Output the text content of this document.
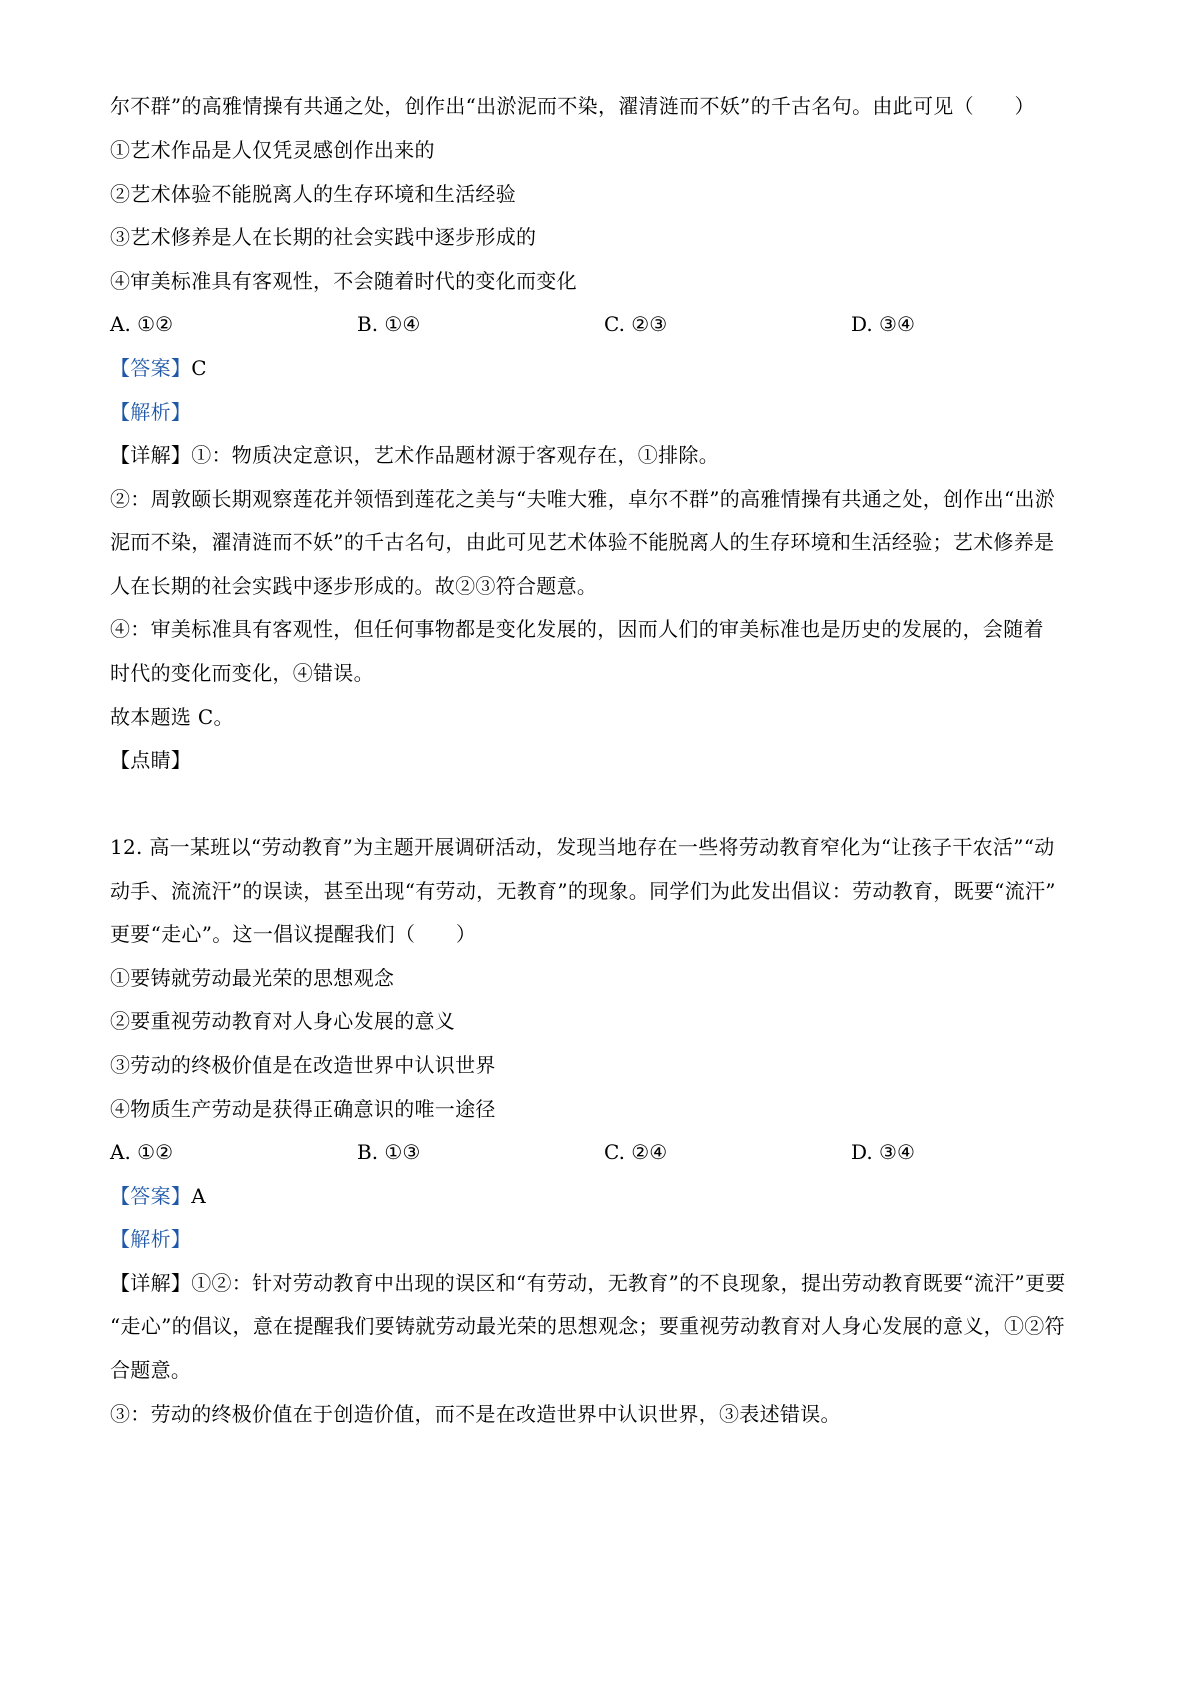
尔不群”的高雅情操有共通之处，创作出“出淤泥而不染，濯清涟而不妖”的千古名句。由此可见（　　）
①艺术作品是人仅凭灵感创作出来的
②艺术体验不能脱离人的生存环境和生活经验
③艺术修养是人在长期的社会实践中逐步形成的
④审美标准具有客观性，不会随着时代的变化而变化
A. ①②	B. ①④	C. ②③	D. ③④
【答案】C
【解析】
【详解】①：物质决定意识，艺术作品题材源于客观存在，①排除。
②：周敦颐长期观察莲花并领悟到莲花之美与“夫唯大雅，卓尔不群”的高雅情操有共通之处，创作出“出淤
泥而不染，濯清涟而不妖”的千古名句，由此可见艺术体验不能脱离人的生存环境和生活经验；艺术修养是
人在长期的社会实践中逐步形成的。故②③符合题意。
④：审美标准具有客观性，但任何事物都是变化发展的，因而人们的审美标准也是历史的发展的，会随着
时代的变化而变化，④错误。
故本题选 C。
【点睛】
12. 高一某班以“劳动教育”为主题开展调研活动，发现当地存在一些将劳动教育窄化为“让孩子干农活”“动
动手、流流汗”的误读，甚至出现“有劳动，无教育”的现象。同学们为此发出倡议：劳动教育，既要“流汗”
更要“走心”。这一倡议提醒我们（　　）
①要铸就劳动最光荣的思想观念
②要重视劳动教育对人身心发展的意义
③劳动的终极价值是在改造世界中认识世界
④物质生产劳动是获得正确意识的唯一途径
A. ①②	B. ①③	C. ②④	D. ③④
【答案】A
【解析】
【详解】①②：针对劳动教育中出现的误区和“有劳动，无教育”的不良现象，提出劳动教育既要“流汗”更要
“走心”的倡议，意在提醒我们要铸就劳动最光荣的思想观念；要重视劳动教育对人身心发展的意义，①②符
合题意。
③：劳动的终极价值在于创造价值，而不是在改造世界中认识世界，③表述错误。
